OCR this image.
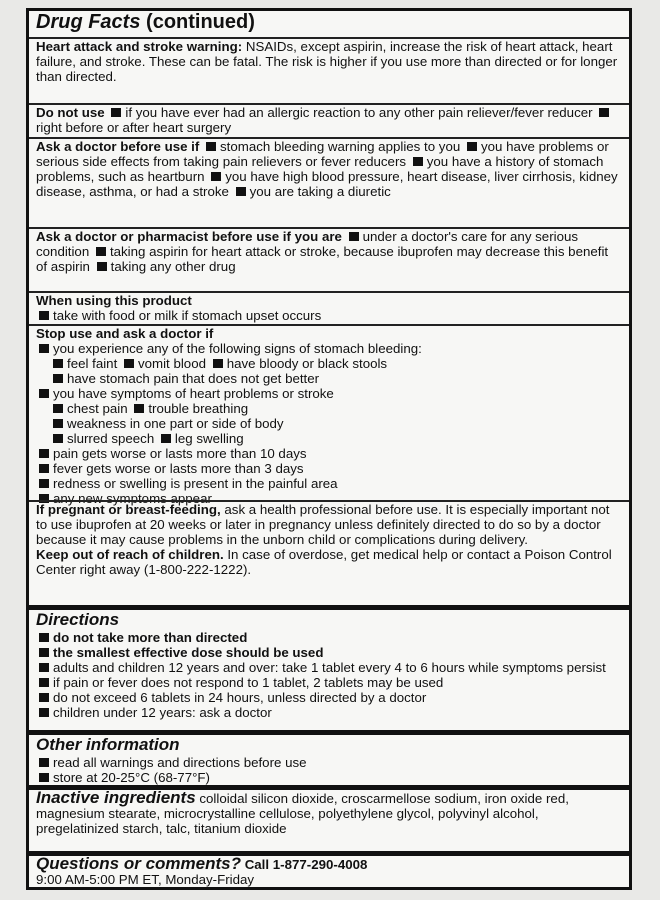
Drug Facts (continued)

Heart attack and stroke warning: NSAIDs, except aspirin, increase the risk of heart attack, heart failure, and stroke. These can be fatal. The risk is higher if you use more than directed or for longer than directed.

Do not use if you have ever had an allergic reaction to any other pain reliever/fever reducer right before or after heart surgery

Ask a doctor before use if stomach bleeding warning applies to you you have problems or serious side effects from taking pain relievers or fever reducers you have a history of stomach problems, such as heartburn you have high blood pressure, heart disease, liver cirrhosis, kidney disease, asthma, or had a stroke you are taking a diuretic

Ask a doctor or pharmacist before use if you are under a doctor's care for any serious condition taking aspirin for heart attack or stroke, because ibuprofen may decrease this benefit of aspirin taking any other drug

When using this product

take with food or milk if stomach upset occurs

Stop use and ask a doctor if

you experience any of the following signs of stomach bleeding:

feel faint vomit blood have bloody or black stools

have stomach pain that does not get better

you have symptoms of heart problems or stroke

chest pain trouble breathing

weakness in one part or side of body

slurred speech leg swelling

pain gets worse or lasts more than 10 days

fever gets worse or lasts more than 3 days

redness or swelling is present in the painful area

any new symptoms appear

If pregnant or breast-feeding, ask a health professional before use. It is especially important not to use ibuprofen at 20 weeks or later in pregnancy unless definitely directed to do so by a doctor because it may cause problems in the unborn child or complications during delivery.

Keep out of reach of children. In case of overdose, get medical help or contact a Poison Control Center right away (1-800-222-1222).

Directions

do not take more than directed

the smallest effective dose should be used

adults and children 12 years and over: take 1 tablet every 4 to 6 hours while symptoms persist

if pain or fever does not respond to 1 tablet, 2 tablets may be used

do not exceed 6 tablets in 24 hours, unless directed by a doctor

children under 12 years: ask a doctor

Other information

read all warnings and directions before use

store at 20-25°C (68-77°F)

Inactive ingredients colloidal silicon dioxide, croscarmellose sodium, iron oxide red, magnesium stearate, microcrystalline cellulose, polyethylene glycol, polyvinyl alcohol, pregelatinized starch, talc, titanium dioxide

Questions or comments? Call 1-877-290-4008

9:00 AM-5:00 PM ET, Monday-Friday
